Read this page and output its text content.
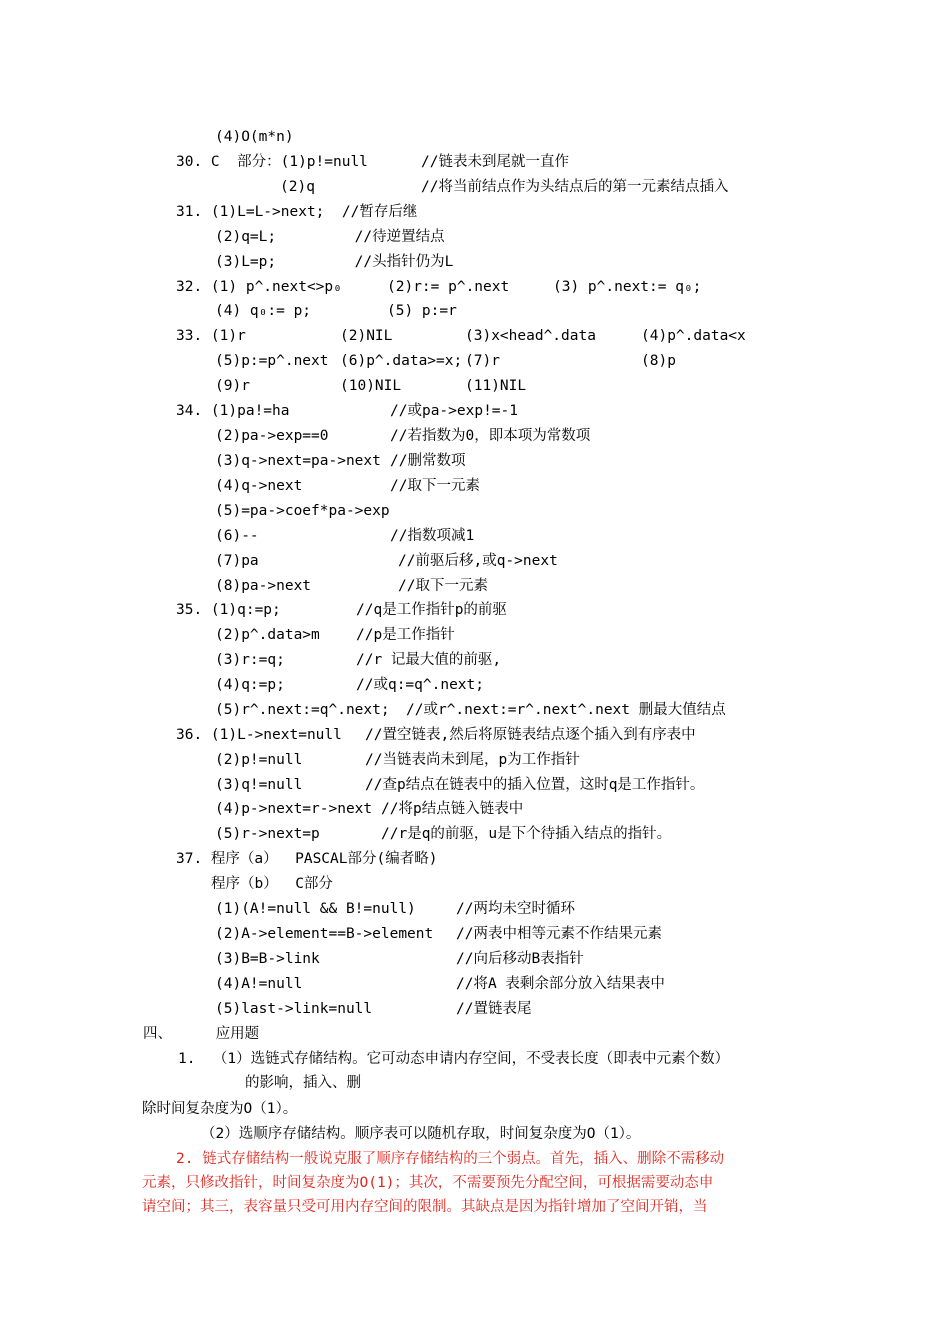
(4)O(m*n)
30. C  部分：(1)p!=null	//链表未到尾就一直作
(2)q	//将当前结点作为头结点后的第一元素结点插入
31. (1)L=L->next;  //暂存后继
(2)q=L;         //待逆置结点
(3)L=p;         //头指针仍为L
32. (1) p^.next<>p₀	(2)r:= p^.next	(3) p^.next:= q₀;
(4) q₀:= p;	(5) p:=r
33. (1)r	(2)NIL	(3)x<head^.data	(4)p^.data<x
(5)p:=p^.next (6)p^.data>=x; (7)r	(8)p
(9)r	(10)NIL	(11)NIL
34. (1)pa!=ha	//或pa->exp!=-1
(2)pa->exp==0	//若指数为0，即本项为常数项
(3)q->next=pa->next //删常数项
(4)q->next	//取下一元素
(5)=pa->coef*pa->exp
(6)--	//指数项减1
(7)pa	//前驱后移,或q->next
(8)pa->next	//取下一元素
35. (1)q:=p;	//q是工作指针p的前驱
(2)p^.data>m //p是工作指针
(3)r:=q;	//r 记最大值的前驱,
(4)q:=p;	//或q:=q^.next;
(5)r^.next:=q^.next; //或r^.next:=r^.next^.next 删最大值结点
36. (1)L->next=null //置空链表,然后将原链表结点逐个插入到有序表中
(2)p!=null	//当链表尚未到尾，p为工作指针
(3)q!=null	//查p结点在链表中的插入位置，这时q是工作指针。
(4)p->next=r->next //将p结点链入链表中
(5)r->next=p	//r是q的前驱，u是下个待插入结点的指针。
37. 程序（a）  PASCAL部分(编者略)
程序（b）  C部分
(1)(A!=null && B!=null)	//两均未空时循环
(2)A->element==B->element //两表中相等元素不作结果元素
(3)B=B->link	//向后移动B表指针
(4)A!=null	//将A 表剩余部分放入结果表中
(5)last->link=null	//置链表尾
四、     应用题
1.  （1）选链式存储结构。它可动态申请内存空间，不受表长度（即表中元素个数）
的影响，插入、删
除时间复杂度为O（1）。
（2）选顺序存储结构。顺序表可以随机存取，时间复杂度为O（1）。
2. 链式存储结构一般说克服了顺序存储结构的三个弱点。首先，插入、删除不需移动
元素，只修改指针，时间复杂度为O(1)；其次，不需要预先分配空间，可根据需要动态申
请空间；其三，表容量只受可用内存空间的限制。其缺点是因为指针增加了空间开销，当
